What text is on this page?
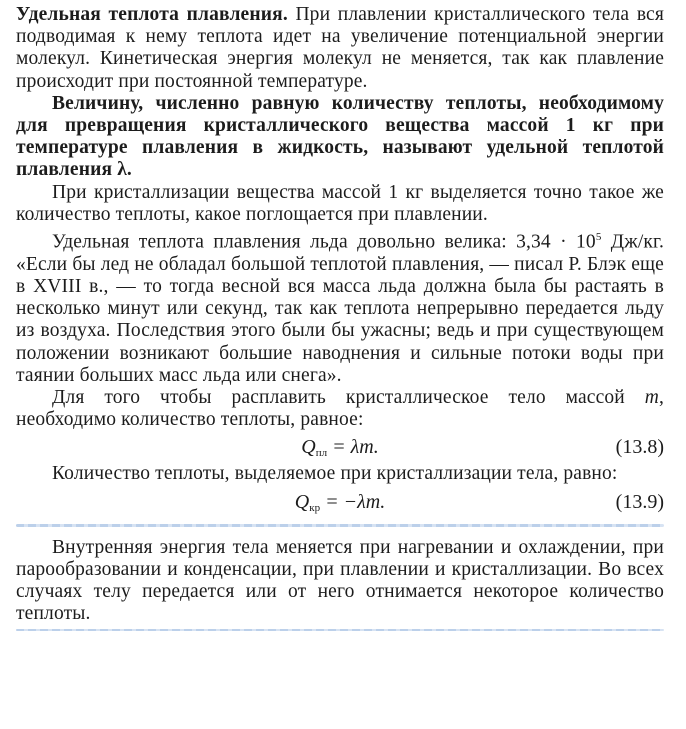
Удельная теплота плавления. При плавлении кристаллического тела вся подводимая к нему теплота идет на увеличение потенциальной энергии молекул. Кинетическая энергия молекул не меняется, так как плавление происходит при постоянной температуре.

Величину, численно равную количеству теплоты, необходимому для превращения кристаллического вещества массой 1 кг при температуре плавления в жидкость, называют удельной теплотой плавления λ.

При кристаллизации вещества массой 1 кг выделяется точно такое же количество теплоты, какое поглощается при плавлении.

Удельная теплота плавления льда довольно велика: $3,34 \cdot 10^5$ Дж/кг. «Если бы лед не обладал большой теплотой плавления, — писал Р. Блэк еще в XVIII в., — то тогда весной вся масса льда должна была бы растаять в несколько минут или секунд, так как теплота непрерывно передается льду из воздуха. Последствия этого были бы ужасны; ведь и при существующем положении возникают большие наводнения и сильные потоки воды при таянии больших масс льда или снега».

Для того чтобы расплавить кристаллическое тело массой m, необходимо количество теплоты, равное:

$Q_{пл} = \lambda m$.	(13.8)

Количество теплоты, выделяемое при кристаллизации тела, равно:

$Q_{кр} = -\lambda m$.	(13.9)

Внутренняя энергия тела меняется при нагревании и охлаждении, при парообразовании и конденсации, при плавлении и кристаллизации. Во всех случаях телу передается или от него отнимается некоторое количество теплоты.
